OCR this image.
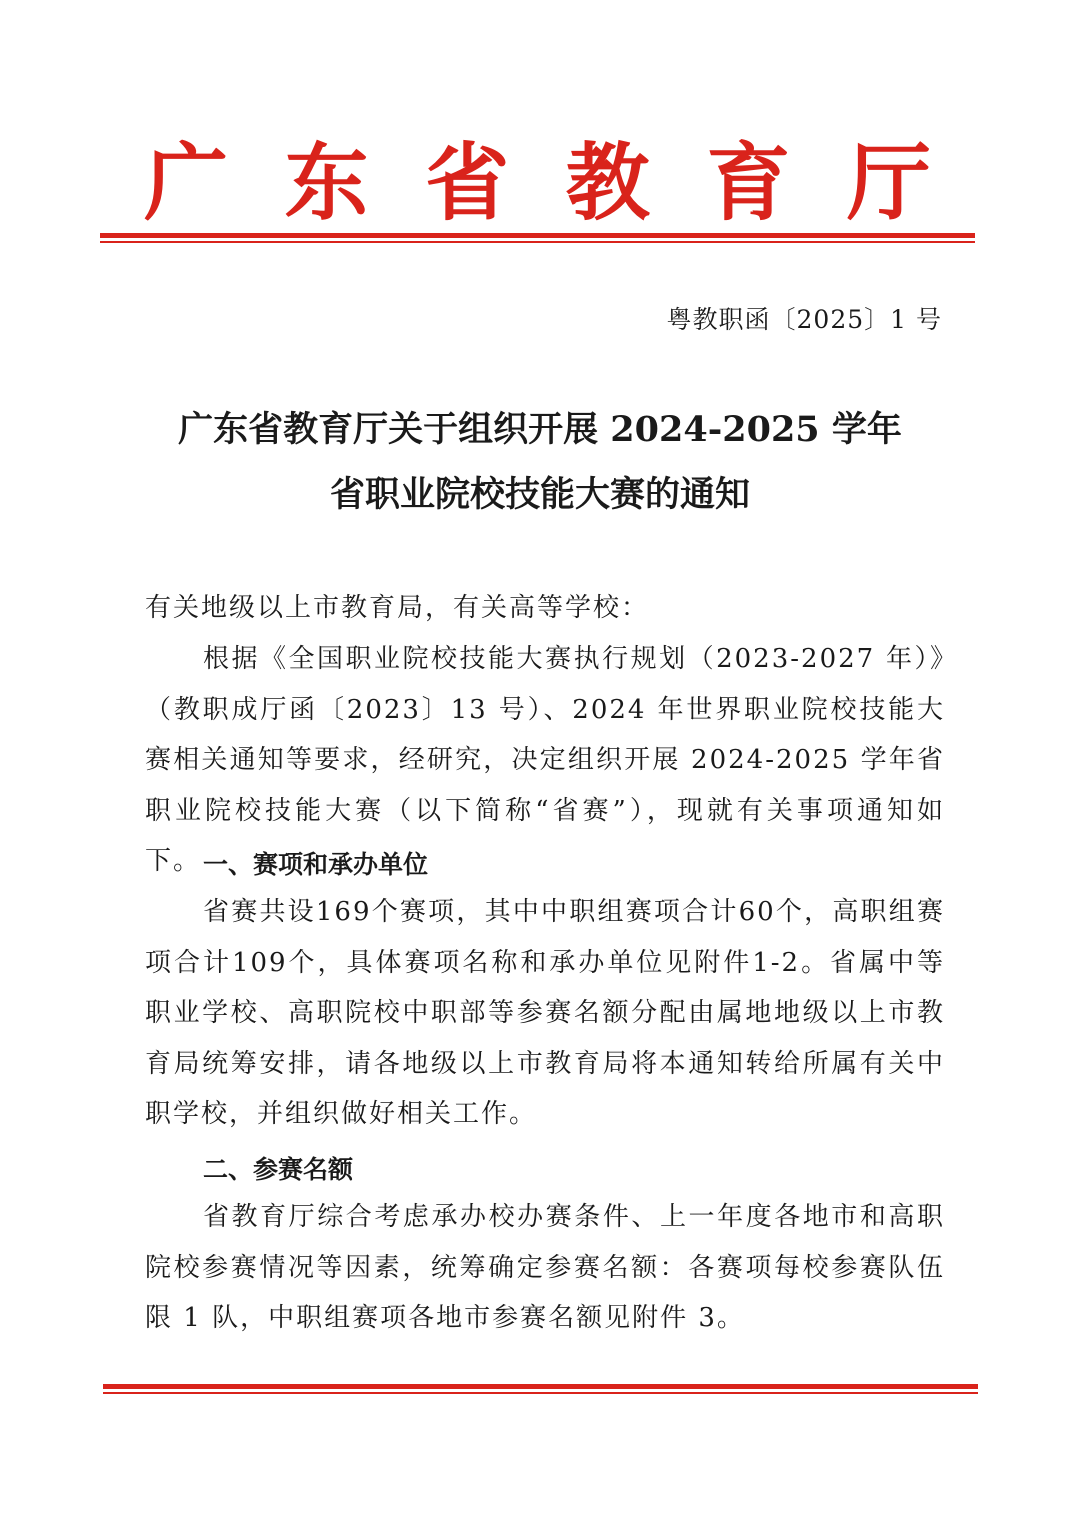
广 东 省 教 育 厅
粤教职函〔2025〕1 号
广东省教育厅关于组织开展 2024-2025 学年
省职业院校技能大赛的通知
有关地级以上市教育局，有关高等学校：

根据《全国职业院校技能大赛执行规划（2023-2027 年）》（教职成厅函〔2023〕13 号）、2024 年世界职业院校技能大赛相关通知等要求，经研究，决定组织开展 2024-2025 学年省职业院校技能大赛（以下简称“省赛”），现就有关事项通知如下。 一、赛项和承办单位

省赛共设169个赛项，其中中职组赛项合计60个，高职组赛项合计109个，具体赛项名称和承办单位见附件1-2。省属中等职业学校、高职院校中职部等参赛名额分配由属地地级以上市教育局统筹安排，请各地级以上市教育局将本通知转给所属有关中职学校，并组织做好相关工作。

二、参赛名额

省教育厅综合考虑承办校办赛条件、上一年度各地市和高职院校参赛情况等因素，统筹确定参赛名额：各赛项每校参赛队伍限 1 队，中职组赛项各地市参赛名额见附件 3。
